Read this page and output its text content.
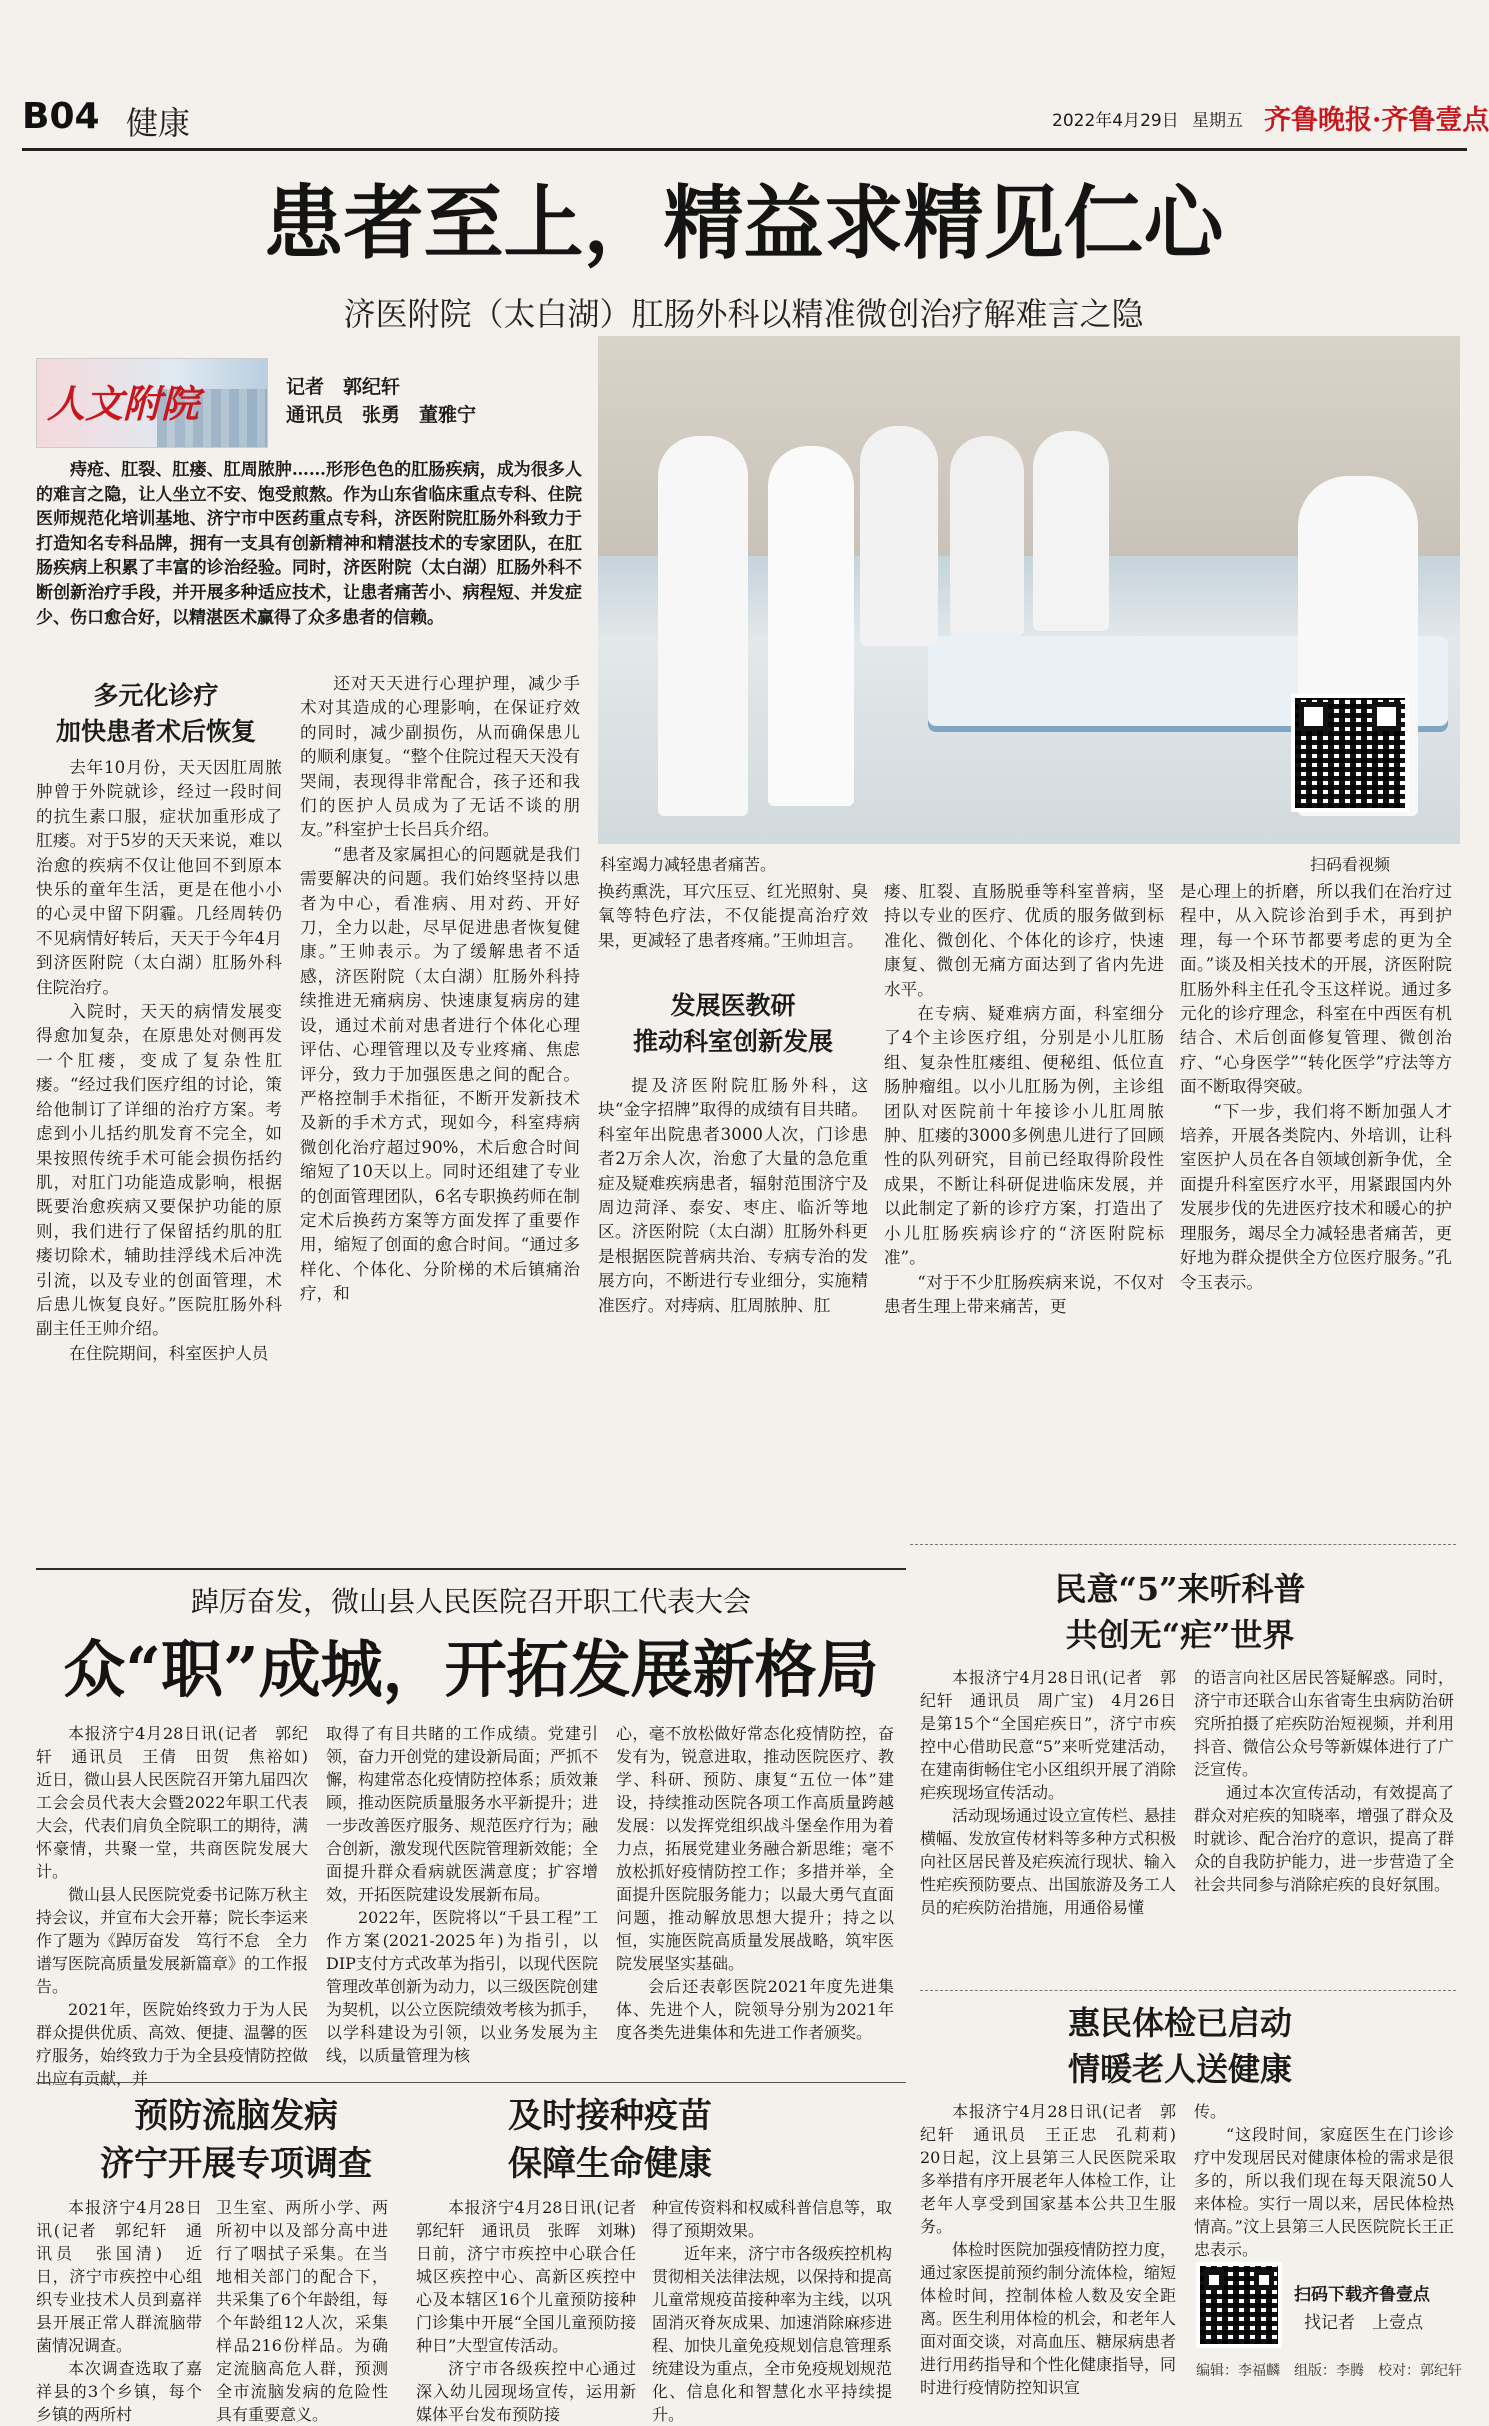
B04 健康	2022年4月29日 星期五 齐鲁晚报·齐鲁壹点
患者至上，精益求精见仁心
济医附院（太白湖）肛肠外科以精准微创治疗解难言之隐
人文附院	记者　郭纪轩
通讯员　张勇　董雅宁
痔疮、肛裂、肛瘘、肛周脓肿……形形色色的肛肠疾病，成为很多人的难言之隐，让人坐立不安、饱受煎熬。作为山东省临床重点专科、住院医师规范化培训基地、济宁市中医药重点专科，济医附院肛肠外科致力于打造知名专科品牌，拥有一支具有创新精神和精湛技术的专家团队，在肛肠疾病上积累了丰富的诊治经验。同时，济医附院（太白湖）肛肠外科不断创新治疗手段，并开展多种适应技术，让患者痛苦小、病程短、并发症少、伤口愈合好，以精湛医术赢得了众多患者的信赖。
科室竭力减轻患者痛苦。	扫码看视频
多元化诊疗
加快患者术后恢复

去年10月份，天天因肛周脓肿曾于外院就诊，经过一段时间的抗生素口服，症状加重形成了肛瘘。对于5岁的天天来说，难以治愈的疾病不仅让他回不到原本快乐的童年生活，更是在他小小的心灵中留下阴霾。几经周转仍不见病情好转后，天天于今年4月到济医附院（太白湖）肛肠外科住院治疗。

入院时，天天的病情发展变得愈加复杂，在原患处对侧再发一个肛瘘，变成了复杂性肛瘘。“经过我们医疗组的讨论，策给他制订了详细的治疗方案。考虑到小儿括约肌发育不完全，如果按照传统手术可能会损伤括约肌，对肛门功能造成影响，根据既要治愈疾病又要保护功能的原则，我们进行了保留括约肌的肛瘘切除术，辅助挂浮线术后冲洗引流，以及专业的创面管理，术后患儿恢复良好。”医院肛肠外科副主任王帅介绍。

在住院期间，科室医护人员

还对天天进行心理护理，减少手术对其造成的心理影响，在保证疗效的同时，减少副损伤，从而确保患儿的顺利康复。“整个住院过程天天没有哭闹，表现得非常配合，孩子还和我们的医护人员成为了无话不谈的朋友。”科室护士长吕兵介绍。

“患者及家属担心的问题就是我们需要解决的问题。我们始终坚持以患者为中心，看准病、用对药、开好刀，全力以赴，尽早促进患者恢复健康。”王帅表示。为了缓解患者不适感，济医附院（太白湖）肛肠外科持续推进无痛病房、快速康复病房的建设，通过术前对患者进行个体化心理评估、心理管理以及专业疼痛、焦虑评分，致力于加强医患之间的配合。严格控制手术指征，不断开发新技术及新的手术方式，现如今，科室痔病微创化治疗超过90%，术后愈合时间缩短了10天以上。同时还组建了专业的创面管理团队，6名专职换药师在制定术后换药方案等方面发挥了重要作用，缩短了创面的愈合时间。“通过多样化、个体化、分阶梯的术后镇痛治疗，和

换药熏洗，耳穴压豆、红光照射、臭氧等特色疗法，不仅能提高治疗效果，更减轻了患者疼痛。”王帅坦言。

发展医教研
推动科室创新发展

提及济医附院肛肠外科，这块“金字招牌”取得的成绩有目共睹。科室年出院患者3000人次，门诊患者2万余人次，治愈了大量的急危重症及疑难疾病患者，辐射范围济宁及周边菏泽、泰安、枣庄、临沂等地区。济医附院（太白湖）肛肠外科更是根据医院普病共治、专病专治的发展方向，不断进行专业细分，实施精准医疗。对痔病、肛周脓肿、肛

瘘、肛裂、直肠脱垂等科室普病，坚持以专业的医疗、优质的服务做到标准化、微创化、个体化的诊疗，快速康复、微创无痛方面达到了省内先进水平。

在专病、疑难病方面，科室细分了4个主诊医疗组，分别是小儿肛肠组、复杂性肛瘘组、便秘组、低位直肠肿瘤组。以小儿肛肠为例，主诊组团队对医院前十年接诊小儿肛周脓肿、肛瘘的3000多例患儿进行了回顾性的队列研究，目前已经取得阶段性成果，不断让科研促进临床发展，并以此制定了新的诊疗方案，打造出了小儿肛肠疾病诊疗的“济医附院标准”。

“对于不少肛肠疾病来说，不仅对患者生理上带来痛苦，更

是心理上的折磨，所以我们在治疗过程中，从入院诊治到手术，再到护理，每一个环节都要考虑的更为全面。”谈及相关技术的开展，济医附院肛肠外科主任孔令玉这样说。通过多元化的诊疗理念，科室在中西医有机结合、术后创面修复管理、微创治疗、“心身医学”“转化医学”疗法等方面不断取得突破。

“下一步，我们将不断加强人才培养，开展各类院内、外培训，让科室医护人员在各自领域创新争优，全面提升科室医疗水平，用紧跟国内外发展步伐的先进医疗技术和暖心的护理服务，竭尽全力减轻患者痛苦，更好地为群众提供全方位医疗服务。”孔令玉表示。

踔厉奋发，微山县人民医院召开职工代表大会
众“职”成城，开拓发展新格局

本报济宁4月28日讯(记者　郭纪轩　通讯员　王倩　田贺　焦裕如)　近日，微山县人民医院召开第九届四次工会会员代表大会暨2022年职工代表大会，代表们肩负全院职工的期待，满怀豪情，共聚一堂，共商医院发展大计。

微山县人民医院党委书记陈万秋主持会议，并宣布大会开幕；院长李运来作了题为《踔厉奋发　笃行不怠　全力谱写医院高质量发展新篇章》的工作报告。

2021年，医院始终致力于为人民群众提供优质、高效、便捷、温馨的医疗服务，始终致力于为全县疫情防控做出应有贡献，并

取得了有目共睹的工作成绩。党建引领，奋力开创党的建设新局面；严抓不懈，构建常态化疫情防控体系；质效兼顾，推动医院质量服务水平新提升；进一步改善医疗服务、规范医疗行为；融合创新，激发现代医院管理新效能；全面提升群众看病就医满意度；扩容增效，开拓医院建设发展新布局。

2022年，医院将以“千县工程”工作方案(2021-2025年)为指引，以DIP支付方式改革为指引，以现代医院管理改革创新为动力，以三级医院创建为契机，以公立医院绩效考核为抓手，以学科建设为引领，以业务发展为主线，以质量管理为核

心，毫不放松做好常态化疫情防控，奋发有为，锐意进取，推动医院医疗、教学、科研、预防、康复“五位一体”建设，持续推动医院各项工作高质量跨越发展：以发挥党组织战斗堡垒作用为着力点，拓展党建业务融合新思维；毫不放松抓好疫情防控工作；多措并举，全面提升医院服务能力；以最大勇气直面问题，推动解放思想大提升；持之以恒，实施医院高质量发展战略，筑牢医院发展坚实基础。

会后还表彰医院2021年度先进集体、先进个人，院领导分别为2021年度各类先进集体和先进工作者颁奖。

民意“5”来听科普
共创无“疟”世界

本报济宁4月28日讯(记者　郭纪轩　通讯员　周广宝)　4月26日是第15个“全国疟疾日”，济宁市疾控中心借助民意“5”来听党建活动，在建南街畅住宅小区组织开展了消除疟疾现场宣传活动。

活动现场通过设立宣传栏、悬挂横幅、发放宣传材料等多种方式积极向社区居民普及疟疾流行现状、输入性疟疾预防要点、出国旅游及务工人员的疟疾防治措施，用通俗易懂

的语言向社区居民答疑解惑。同时，济宁市还联合山东省寄生虫病防治研究所拍摄了疟疾防治短视频，并利用抖音、微信公众号等新媒体进行了广泛宣传。

通过本次宣传活动，有效提高了群众对疟疾的知晓率，增强了群众及时就诊、配合治疗的意识，提高了群众的自我防护能力，进一步营造了全社会共同参与消除疟疾的良好氛围。

惠民体检已启动
情暖老人送健康

本报济宁4月28日讯(记者　郭纪轩　通讯员　王正忠　孔莉莉)　20日起，汶上县第三人民医院采取多举措有序开展老年人体检工作，让老年人享受到国家基本公共卫生服务。

体检时医院加强疫情防控力度，通过家医提前预约制分流体检，缩短体检时间，控制体检人数及安全距离。医生利用体检的机会，和老年人面对面交谈，对高血压、糖尿病患者进行用药指导和个性化健康指导，同时进行疫情防控知识宣

传。

“这段时间，家庭医生在门诊诊疗中发现居民对健康体检的需求是很多的，所以我们现在每天限流50人来体检。实行一周以来，居民体检热情高。”汶上县第三人民医院院长王正忠表示。

扫码下载齐鲁壹点
找记者　上壹点
编辑：李福麟　组版：李腾　校对：郭纪轩
预防流脑发病
济宁开展专项调查

本报济宁4月28日讯(记者　郭纪轩　通讯员　张国清)　近日，济宁市疾控中心组织专业技术人员到嘉祥县开展正常人群流脑带菌情况调查。

本次调查选取了嘉祥县的3个乡镇，每个乡镇的两所村

卫生室、两所小学、两所初中以及部分高中进行了咽拭子采集。在当地相关部门的配合下，共采集了6个年龄组，每个年龄组12人次，采集样品216份样品。为确定流脑高危人群，预测全市流脑发病的危险性具有重要意义。

及时接种疫苗
保障生命健康

本报济宁4月28日讯(记者　郭纪轩　通讯员　张晖　刘琳)　日前，济宁市疾控中心联合任城区疾控中心、高新区疾控中心及本辖区16个儿童预防接种门诊集中开展“全国儿童预防接种日”大型宣传活动。

济宁市各级疾控中心通过深入幼儿园现场宣传，运用新媒体平台发布预防接

种宣传资料和权威科普信息等，取得了预期效果。

近年来，济宁市各级疾控机构贯彻相关法律法规，以保持和提高儿童常规疫苗接种率为主线，以巩固消灭脊灰成果、加速消除麻疹进程、加快儿童免疫规划信息管理系统建设为重点，全市免疫规划规范化、信息化和智慧化水平持续提升。
